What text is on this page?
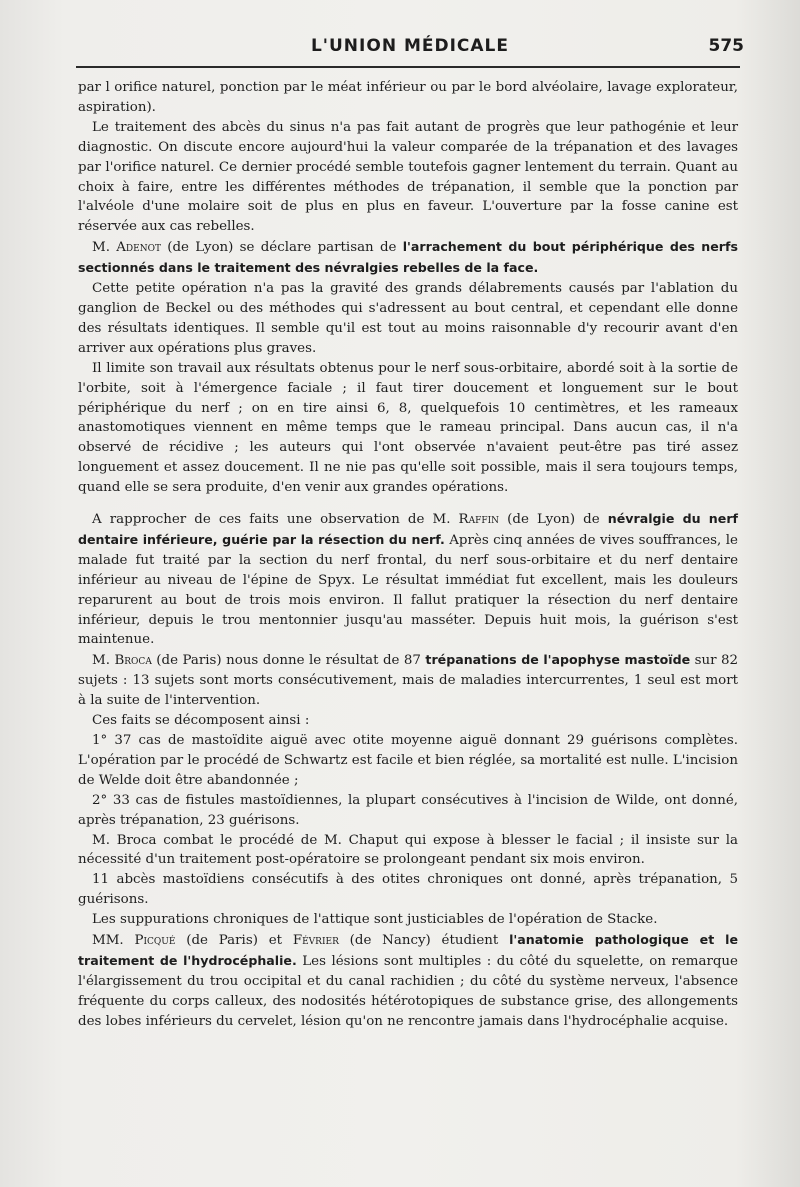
L'UNION MÉDICALE	575

par l orifice naturel, ponction par le méat inférieur ou par le bord alvéolaire, lavage explorateur, aspiration).

Le traitement des abcès du sinus n'a pas fait autant de progrès que leur pathogénie et leur diagnostic. On discute encore aujourd'hui la valeur comparée de la trépanation et des lavages par l'orifice naturel. Ce dernier procédé semble toutefois gagner lentement du terrain. Quant au choix à faire, entre les différentes méthodes de trépanation, il semble que la ponction par l'alvéole d'une molaire soit de plus en plus en faveur. L'ouverture par la fosse canine est réservée aux cas rebelles.

M. Adenot (de Lyon) se déclare partisan de l'arrachement du bout périphérique des nerfs sectionnés dans le traitement des névralgies rebelles de la face.

Cette petite opération n'a pas la gravité des grands délabrements causés par l'ablation du ganglion de Beckel ou des méthodes qui s'adressent au bout central, et cependant elle donne des résultats identiques. Il semble qu'il est tout au moins raisonnable d'y recourir avant d'en arriver aux opérations plus graves.

Il limite son travail aux résultats obtenus pour le nerf sous-orbitaire, abordé soit à la sortie de l'orbite, soit à l'émergence faciale ; il faut tirer doucement et longuement sur le bout périphérique du nerf ; on en tire ainsi 6, 8, quelquefois 10 centimètres, et les rameaux anastomotiques viennent en même temps que le rameau principal. Dans aucun cas, il n'a observé de récidive ; les auteurs qui l'ont observée n'avaient peut-être pas tiré assez longuement et assez doucement. Il ne nie pas qu'elle soit possible, mais il sera toujours temps, quand elle se sera produite, d'en venir aux grandes opérations.

A rapprocher de ces faits une observation de M. Raffin (de Lyon) de névralgie du nerf dentaire inférieure, guérie par la résection du nerf. Après cinq années de vives souffrances, le malade fut traité par la section du nerf frontal, du nerf sous-orbitaire et du nerf dentaire inférieur au niveau de l'épine de Spyx. Le résultat immédiat fut excellent, mais les douleurs reparurent au bout de trois mois environ. Il fallut pratiquer la résection du nerf dentaire inférieur, depuis le trou mentonnier jusqu'au masséter. Depuis huit mois, la guérison s'est maintenue.

M. Broca (de Paris) nous donne le résultat de 87 trépanations de l'apophyse mastoïde sur 82 sujets : 13 sujets sont morts consécutivement, mais de maladies intercurrentes, 1 seul est mort à la suite de l'intervention.

Ces faits se décomposent ainsi :

1° 37 cas de mastoïdite aiguë avec otite moyenne aiguë donnant 29 guérisons complètes. L'opération par le procédé de Schwartz est facile et bien réglée, sa mortalité est nulle. L'incision de Welde doit être abandonnée ;

2° 33 cas de fistules mastoïdiennes, la plupart consécutives à l'incision de Wilde, ont donné, après trépanation, 23 guérisons.

M. Broca combat le procédé de M. Chaput qui expose à blesser le facial ; il insiste sur la nécessité d'un traitement post-opératoire se prolongeant pendant six mois environ.

11 abcès mastoïdiens consécutifs à des otites chroniques ont donné, après trépanation, 5 guérisons.

Les suppurations chroniques de l'attique sont justiciables de l'opération de Stacke.

MM. Picqué (de Paris) et Février (de Nancy) étudient l'anatomie pathologique et le traitement de l'hydrocéphalie. Les lésions sont multiples : du côté du squelette, on remarque l'élargissement du trou occipital et du canal rachidien ; du côté du système nerveux, l'absence fréquente du corps calleux, des nodosités hétérotopiques de substance grise, des allongements des lobes inférieurs du cervelet, lésion qu'on ne rencontre jamais dans l'hydrocéphalie acquise.
